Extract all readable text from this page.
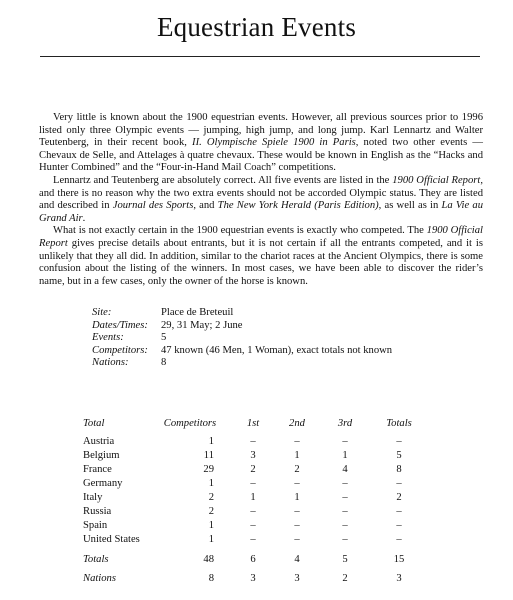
Equestrian Events

Very little is known about the 1900 equestrian events. However, all previous sources prior to 1996 listed only three Olympic events — jumping, high jump, and long jump. Karl Lennartz and Walter Teutenberg, in their recent book, II. Olympische Spiele 1900 in Paris, noted two other events — Chevaux de Selle, and Attelages à quatre chevaux. These would be known in English as the “Hacks and Hunter Combined” and the “Four-in-Hand Mail Coach” competitions.

Lennartz and Teutenberg are absolutely correct. All five events are listed in the 1900 Official Report, and there is no reason why the two extra events should not be accorded Olympic status. They are listed and described in Journal des Sports, and The New York Herald (Paris Edition), as well as in La Vie au Grand Air.

What is not exactly certain in the 1900 equestrian events is exactly who competed. The 1900 Official Report gives precise details about entrants, but it is not certain if all the entrants competed, and it is unlikely that they all did. In addition, similar to the chariot races at the Ancient Olympics, there is some confusion about the listing of the winners. In most cases, we have been able to discover the rider’s name, but in a few cases, only the owner of the horse is known.

Site:	Place de Breteuil
Dates/Times: 29, 31 May; 2 June
Events:	5
Competitors: 47 known (46 Men, 1 Woman), exact totals not known
Nations:	8
Total	Competitors	1st	2nd	3rd	Totals
Austria	1	–	–	–	–
Belgium	11	3	1	1	5
France	29	2	2	4	8
Germany	1	–	–	–	–
Italy	2	1	1	–	2
Russia	2	–	–	–	–
Spain	1	–	–	–	–
United States	1	–	–	–	–
Totals	48	6	4	5	15
Nations	8	3	3	2	3
